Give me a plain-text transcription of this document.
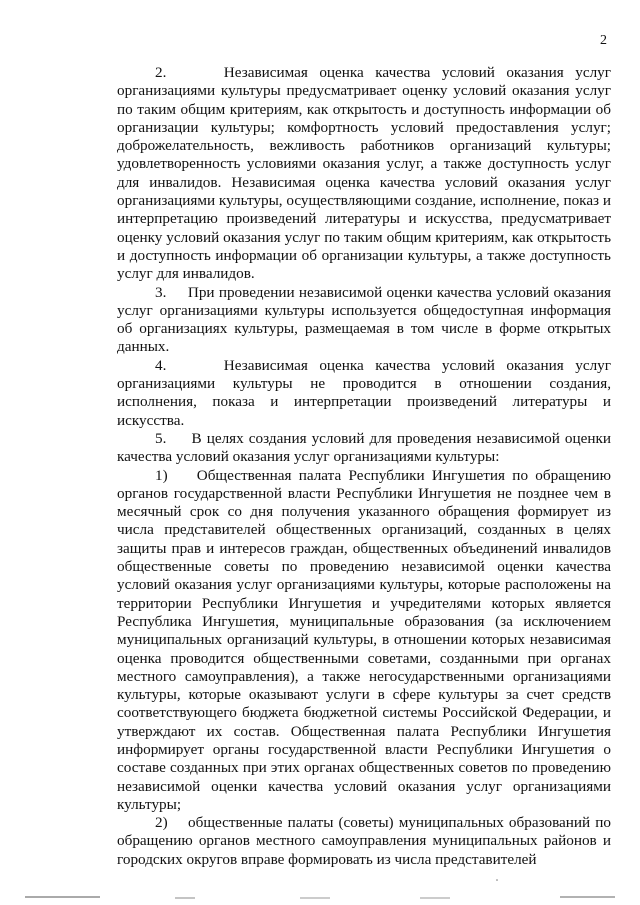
2

2.     Независимая оценка качества условий оказания услуг организациями культуры предусматривает оценку условий оказания услуг по таким общим критериям, как открытость и доступность информации об организации культуры; комфортность условий предоставления услуг; доброжелательность, вежливость работников организаций культуры; удовлетворенность условиями оказания услуг, а также доступность услуг для инвалидов. Независимая оценка качества условий оказания услуг организациями культуры, осуществляющими создание, исполнение, показ и интерпретацию произведений литературы и искусства, предусматривает оценку условий оказания услуг по таким общим критериям, как открытость и доступность информации об организации культуры, а также доступность услуг для инвалидов.

3.     При проведении независимой оценки качества условий оказания услуг организациями культуры используется общедоступная информация об организациях культуры, размещаемая в том числе в форме открытых данных.

4.     Независимая оценка качества условий оказания услуг организациями культуры не проводится в отношении создания, исполнения, показа и интерпретации произведений литературы и искусства.

5.     В целях создания условий для проведения независимой оценки качества условий оказания услуг организациями культуры:

1)    Общественная палата Республики Ингушетия по обращению органов государственной власти Республики Ингушетия не позднее чем в месячный срок со дня получения указанного обращения формирует из числа представителей общественных организаций, созданных в целях защиты прав и интересов граждан, общественных объединений инвалидов общественные советы по проведению независимой оценки качества условий оказания услуг организациями культуры, которые расположены на территории Республики Ингушетия и учредителями которых является Республика Ингушетия, муниципальные образования (за исключением муниципальных организаций культуры, в отношении которых независимая оценка проводится общественными советами, созданными при органах местного самоуправления), а также негосударственными организациями культуры, которые оказывают услуги в сфере культуры за счет средств соответствующего бюджета бюджетной системы Российской Федерации, и утверждают их состав. Общественная палата Республики Ингушетия информирует органы государственной власти Республики Ингушетия о составе созданных при этих органах общественных советов по проведению независимой оценки качества условий оказания услуг организациями культуры;

2)    общественные палаты (советы) муниципальных образований по обращению органов местного самоуправления муниципальных районов и городских округов вправе формировать из числа представителей
